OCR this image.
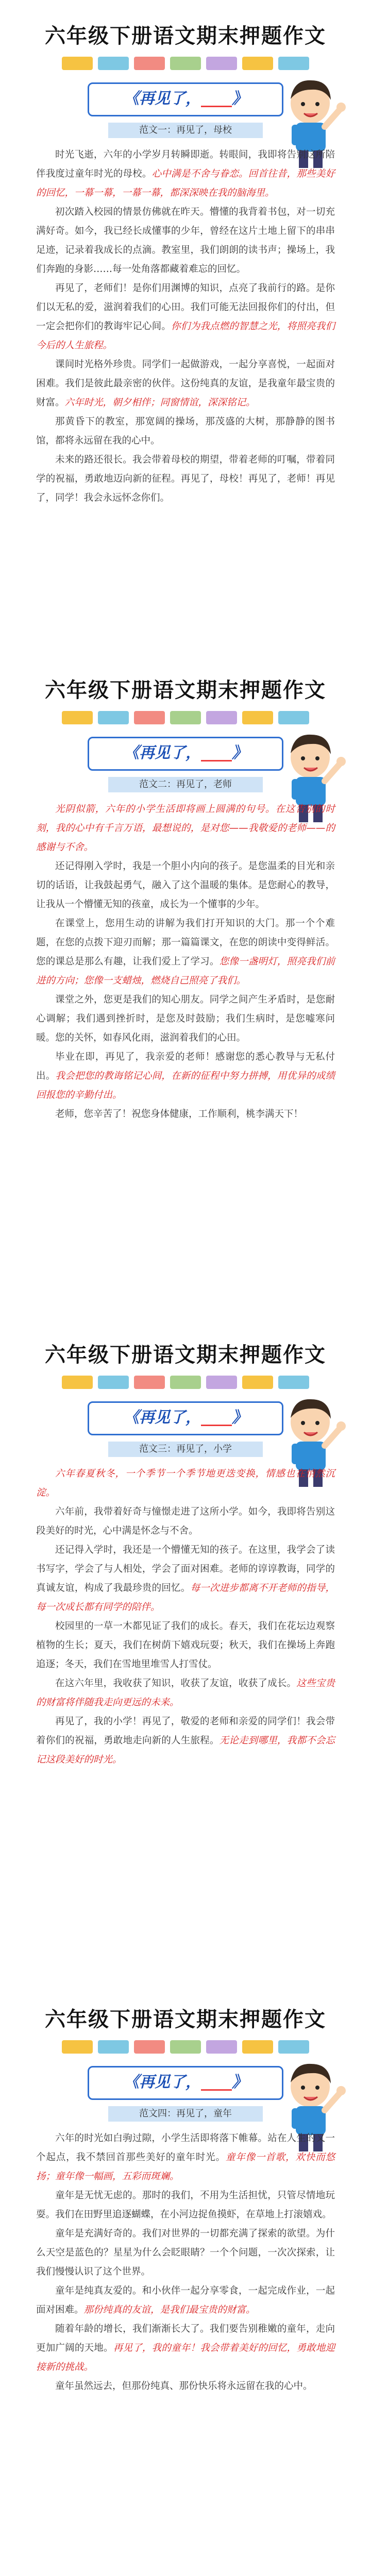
六年级下册语文期末押题作文
《再见了，____》
范文一：再见了，母校

时光飞逝，六年的小学岁月转瞬即逝。转眼间，我即将告别这所陪伴我度过童年时光的母校。心中满是不舍与眷恋。回首往昔，那些美好的回忆，一幕一幕，一幕一幕，都深深映在我的脑海里。

初次踏入校园的情景仿佛就在昨天。懵懂的我背着书包，对一切充满好奇。如今，我已经长成懂事的少年，曾经在这片土地上留下的串串足迹，记录着我成长的点滴。教室里，我们朗朗的读书声；操场上，我们奔跑的身影……每一处角落都藏着难忘的回忆。

再见了，老师们！是你们用渊博的知识，点亮了我前行的路。是你们以无私的爱，滋润着我们的心田。我们可能无法回报你们的付出，但一定会把你们的教诲牢记心间。你们为我点燃的智慧之光，将照亮我们今后的人生旅程。

课间时光格外珍贵。同学们一起做游戏，一起分享喜悦，一起面对困难。我们是彼此最亲密的伙伴。这份纯真的友谊，是我童年最宝贵的财富。六年时光，朝夕相伴；同窗情谊，深深铭记。

那黄昏下的教室，那宽阔的操场，那茂盛的大树，那静静的图书馆，都将永远留在我的心中。

未来的路还很长。我会带着母校的期望，带着老师的叮嘱，带着同学的祝福，勇敢地迈向新的征程。再见了，母校！再见了，老师！再见了，同学！我会永远怀念你们。

六年级下册语文期末押题作文
《再见了，____》
范文二：再见了，老师

光阴似箭，六年的小学生活即将画上圆满的句号。在这告别的时刻，我的心中有千言万语，最想说的，是对您——我敬爱的老师——的感谢与不舍。

还记得刚入学时，我是一个胆小内向的孩子。是您温柔的目光和亲切的话语，让我鼓起勇气，融入了这个温暖的集体。是您耐心的教导，让我从一个懵懂无知的孩童，成长为一个懂事的少年。

在课堂上，您用生动的讲解为我们打开知识的大门。那一个个难题，在您的点拨下迎刃而解；那一篇篇课文，在您的朗读中变得鲜活。您的课总是那么有趣，让我们爱上了学习。您像一盏明灯，照亮我们前进的方向；您像一支蜡烛，燃烧自己照亮了我们。

课堂之外，您更是我们的知心朋友。同学之间产生矛盾时，是您耐心调解；我们遇到挫折时，是您及时鼓励；我们生病时，是您嘘寒问暖。您的关怀，如春风化雨，滋润着我们的心田。

毕业在即，再见了，我亲爱的老师！感谢您的悉心教导与无私付出。我会把您的教诲铭记心间，在新的征程中努力拼搏，用优异的成绩回报您的辛勤付出。

老师，您辛苦了！祝您身体健康，工作顺利，桃李满天下！

六年级下册语文期末押题作文
《再见了，____》
范文三：再见了，小学

六年春夏秋冬，一个季节一个季节地更迭变换，情感也在悄然沉淀。

六年前，我带着好奇与憧憬走进了这所小学。如今，我即将告别这段美好的时光，心中满是怀念与不舍。

还记得入学时，我还是一个懵懂无知的孩子。在这里，我学会了读书写字，学会了与人相处，学会了面对困难。老师的谆谆教诲，同学的真诚友谊，构成了我最珍贵的回忆。每一次进步都离不开老师的指导，每一次成长都有同学的陪伴。

校园里的一草一木都见证了我们的成长。春天，我们在花坛边观察植物的生长；夏天，我们在树荫下嬉戏玩耍；秋天，我们在操场上奔跑追逐；冬天，我们在雪地里堆雪人打雪仗。

在这六年里，我收获了知识，收获了友谊，收获了成长。这些宝贵的财富将伴随我走向更远的未来。

再见了，我的小学！再见了，敬爱的老师和亲爱的同学们！我会带着你们的祝福，勇敢地走向新的人生旅程。无论走到哪里，我都不会忘记这段美好的时光。

六年级下册语文期末押题作文
《再见了，____》
范文四：再见了，童年

六年的时光如白驹过隙，小学生活即将落下帷幕。站在人生的又一个起点，我不禁回首那些美好的童年时光。童年像一首歌，欢快而悠扬；童年像一幅画，五彩而斑斓。

童年是无忧无虑的。那时的我们，不用为生活担忧，只管尽情地玩耍。我们在田野里追逐蝴蝶，在小河边捉鱼摸虾，在草地上打滚嬉戏。

童年是充满好奇的。我们对世界的一切都充满了探索的欲望。为什么天空是蓝色的？星星为什么会眨眼睛？一个个问题，一次次探索，让我们慢慢认识了这个世界。

童年是纯真友爱的。和小伙伴一起分享零食，一起完成作业，一起面对困难。那份纯真的友谊，是我们最宝贵的财富。

随着年龄的增长，我们渐渐长大了。我们要告别稚嫩的童年，走向更加广阔的天地。再见了，我的童年！我会带着美好的回忆，勇敢地迎接新的挑战。

童年虽然远去，但那份纯真、那份快乐将永远留在我的心中。
